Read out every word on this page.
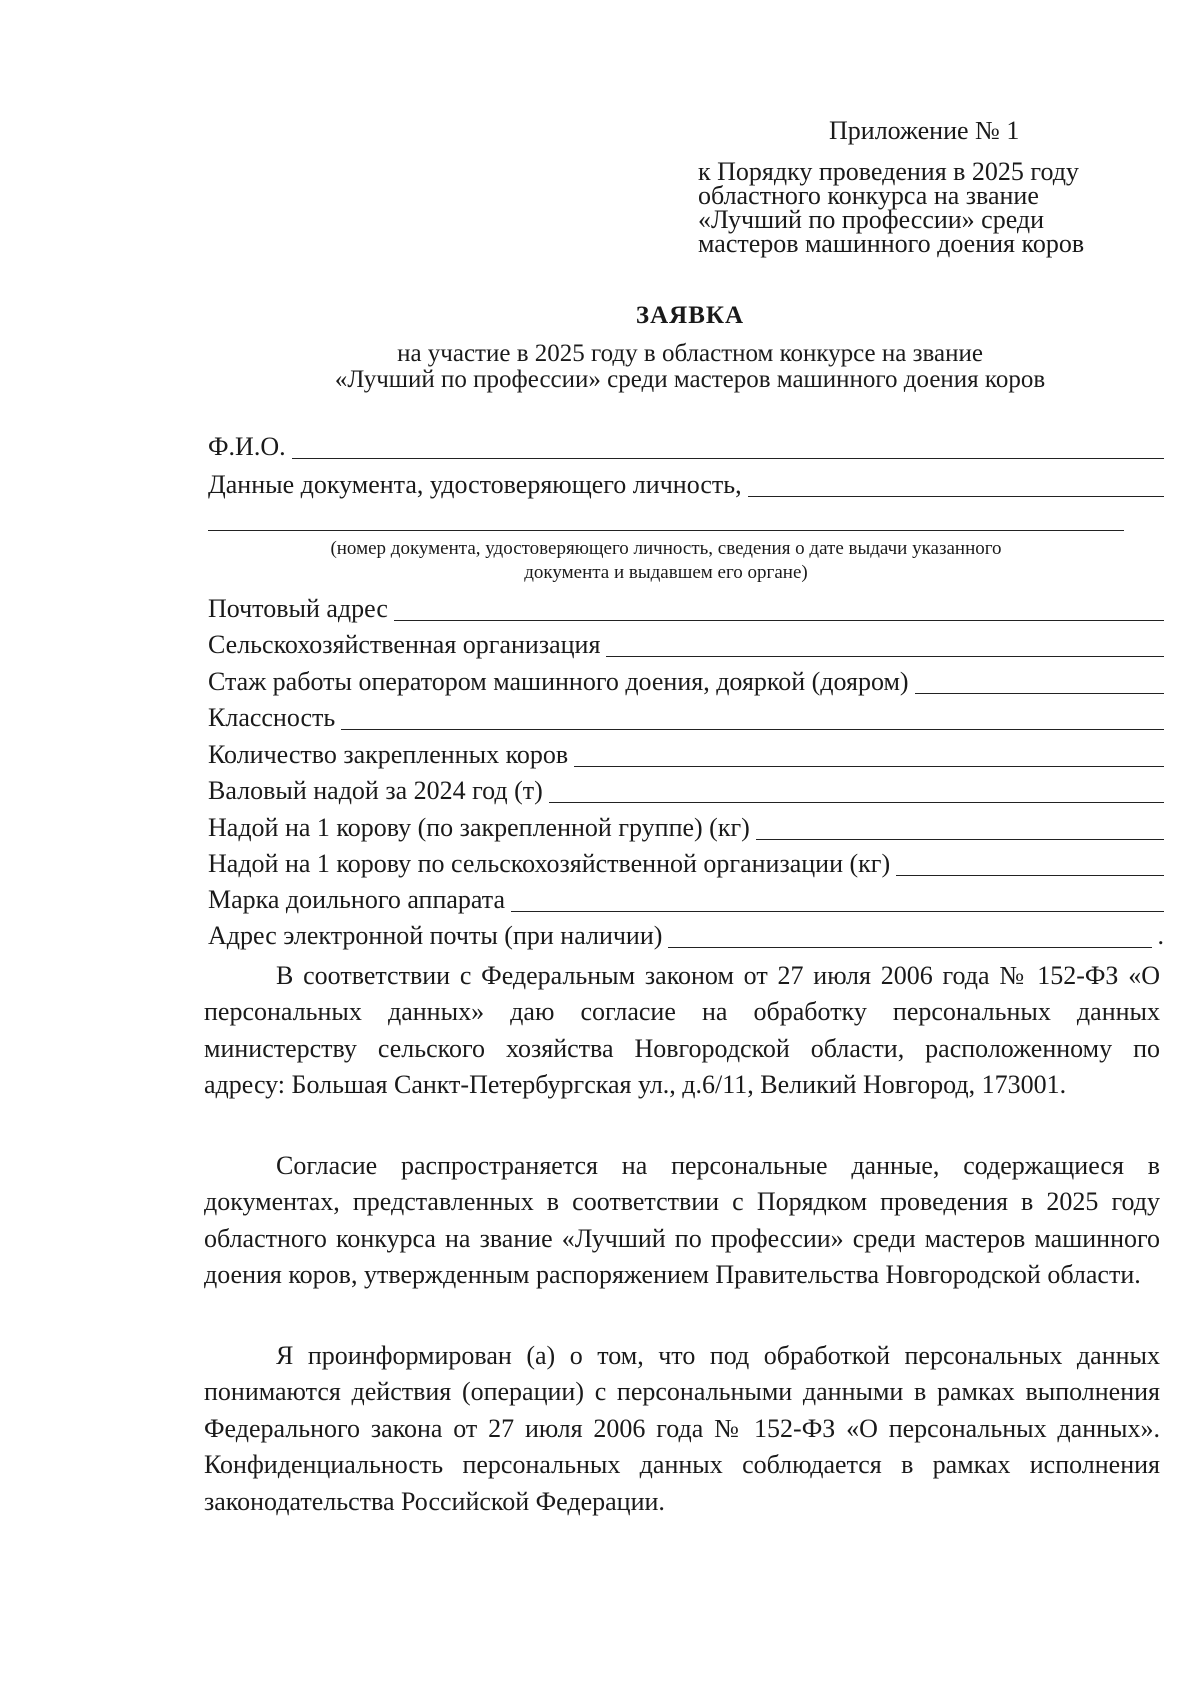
Приложение № 1
к Порядку проведения в 2025 году
областного конкурса на звание
«Лучший по профессии» среди
мастеров машинного доения коров
ЗАЯВКА
на участие в 2025 году в областном конкурсе на звание
«Лучший по профессии» среди мастеров машинного доения коров
Ф.И.О.
Данные документа, удостоверяющего личность,
(номер документа, удостоверяющего личность, сведения о дате выдачи указанного
документа и выдавшем его органе)
Почтовый адрес
Сельскохозяйственная организация
Стаж работы оператором машинного доения, дояркой (дояром)
Классность
Количество закрепленных коров
Валовый надой за 2024 год (т)
Надой на 1 корову (по закрепленной группе) (кг)
Надой на 1 корову по сельскохозяйственной организации (кг)
Марка доильного аппарата
Адрес электронной почты (при наличии)	.

В соответствии с Федеральным законом от 27 июля 2006 года № 152-ФЗ «О персональных данных» даю согласие на обработку персональных данных министерству сельского хозяйства Новгородской области, расположенному по адресу: Большая Санкт-Петербургская ул., д.6/11, Великий Новгород, 173001.

Согласие распространяется на персональные данные, содержащиеся в документах, представленных в соответствии с Порядком проведения в 2025 году областного конкурса на звание «Лучший по профессии» среди мастеров машинного доения коров, утвержденным распоряжением Правительства Новгородской области.

Я проинформирован (а) о том, что под обработкой персональных данных понимаются действия (операции) с персональными данными в рамках выполнения Федерального закона от 27 июля 2006 года № 152-ФЗ «О персональных данных». Конфиденциальность персональных данных соблюдается в рамках исполнения законодательства Российской Федерации.
